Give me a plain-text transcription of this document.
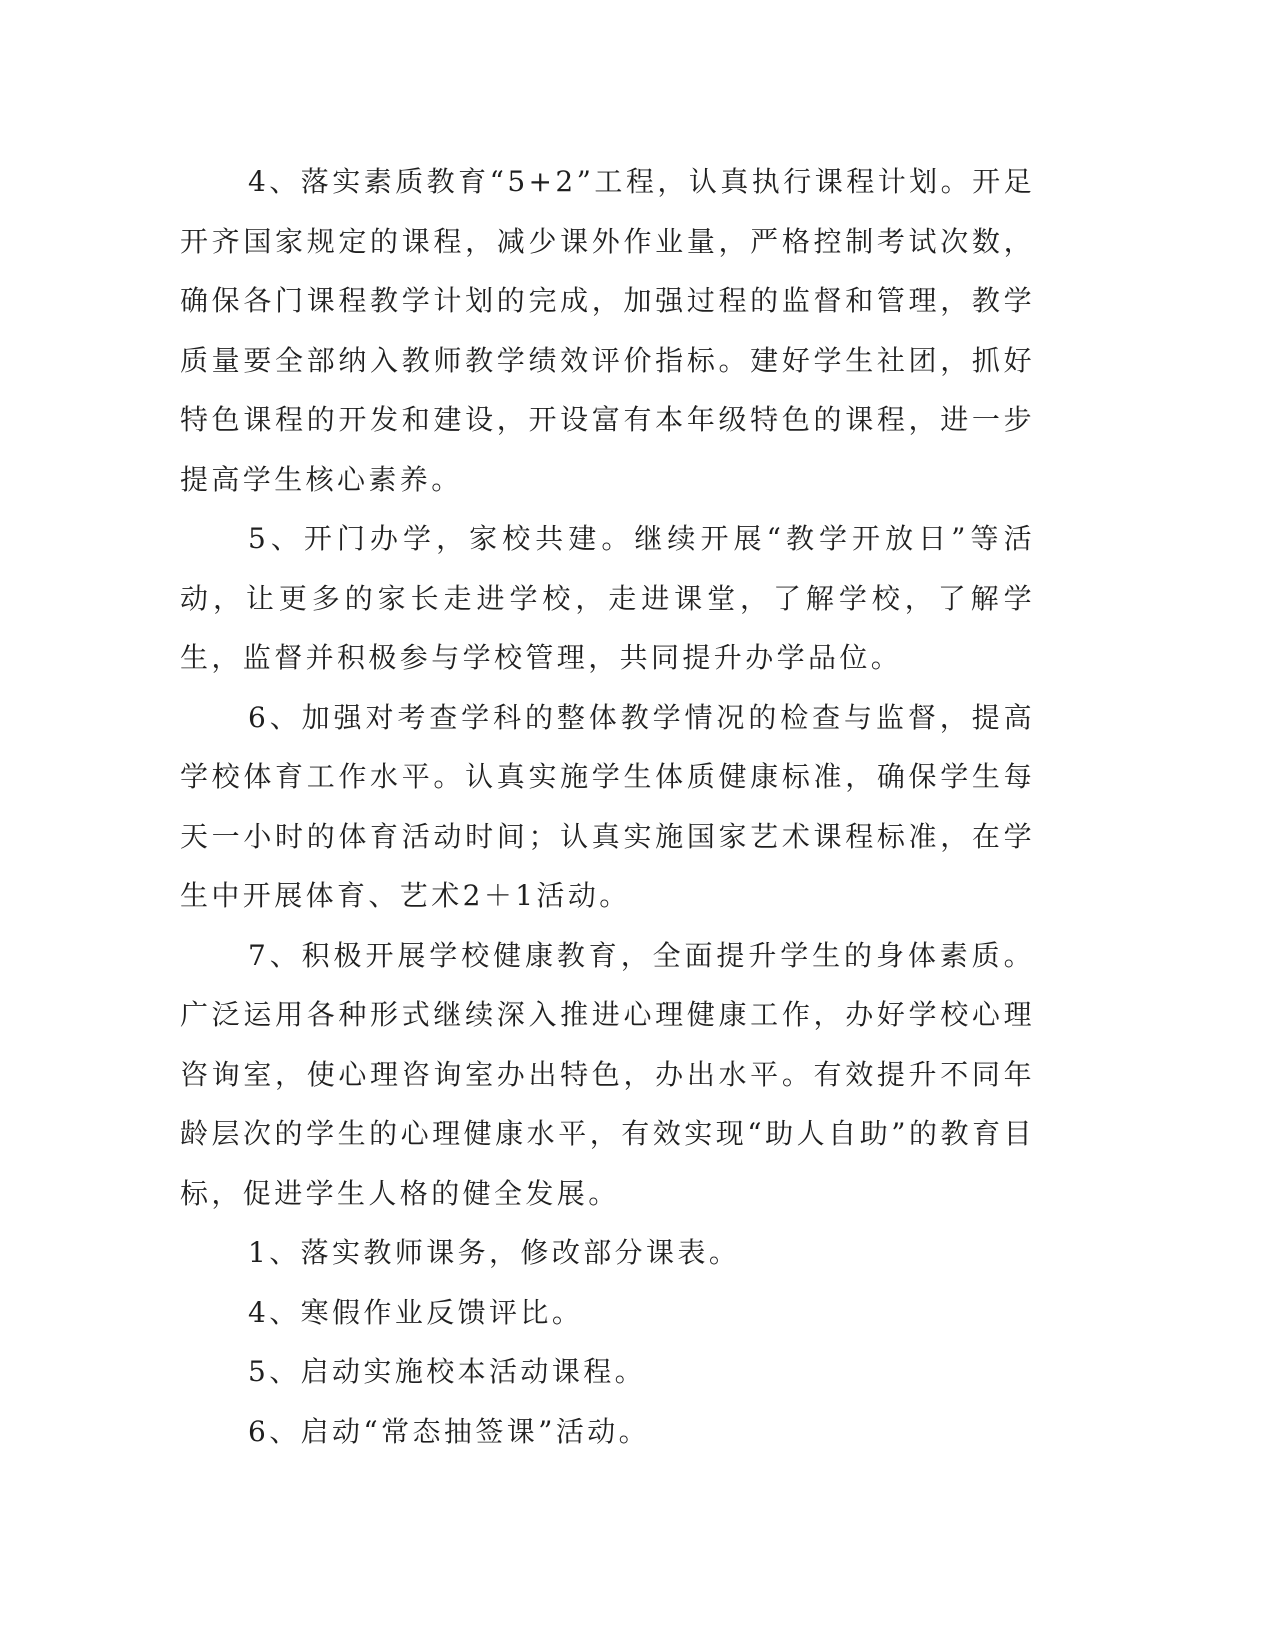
4、落实素质教育“5+2”工程，认真执行课程计划。开足开齐国家规定的课程，减少课外作业量，严格控制考试次数，确保各门课程教学计划的完成，加强过程的监督和管理，教学质量要全部纳入教师教学绩效评价指标。建好学生社团，抓好特色课程的开发和建设，开设富有本年级特色的课程，进一步提高学生核心素养。

5、开门办学，家校共建。继续开展“教学开放日”等活动，让更多的家长走进学校，走进课堂，了解学校，了解学生，监督并积极参与学校管理，共同提升办学品位。

6、加强对考查学科的整体教学情况的检查与监督，提高学校体育工作水平。认真实施学生体质健康标准，确保学生每天一小时的体育活动时间；认真实施国家艺术课程标准，在学生中开展体育、艺术2＋1活动。

7、积极开展学校健康教育，全面提升学生的身体素质。广泛运用各种形式继续深入推进心理健康工作，办好学校心理咨询室，使心理咨询室办出特色，办出水平。有效提升不同年龄层次的学生的心理健康水平，有效实现“助人自助”的教育目标，促进学生人格的健全发展。

1、落实教师课务，修改部分课表。

4、寒假作业反馈评比。

5、启动实施校本活动课程。

6、启动“常态抽签课”活动。
